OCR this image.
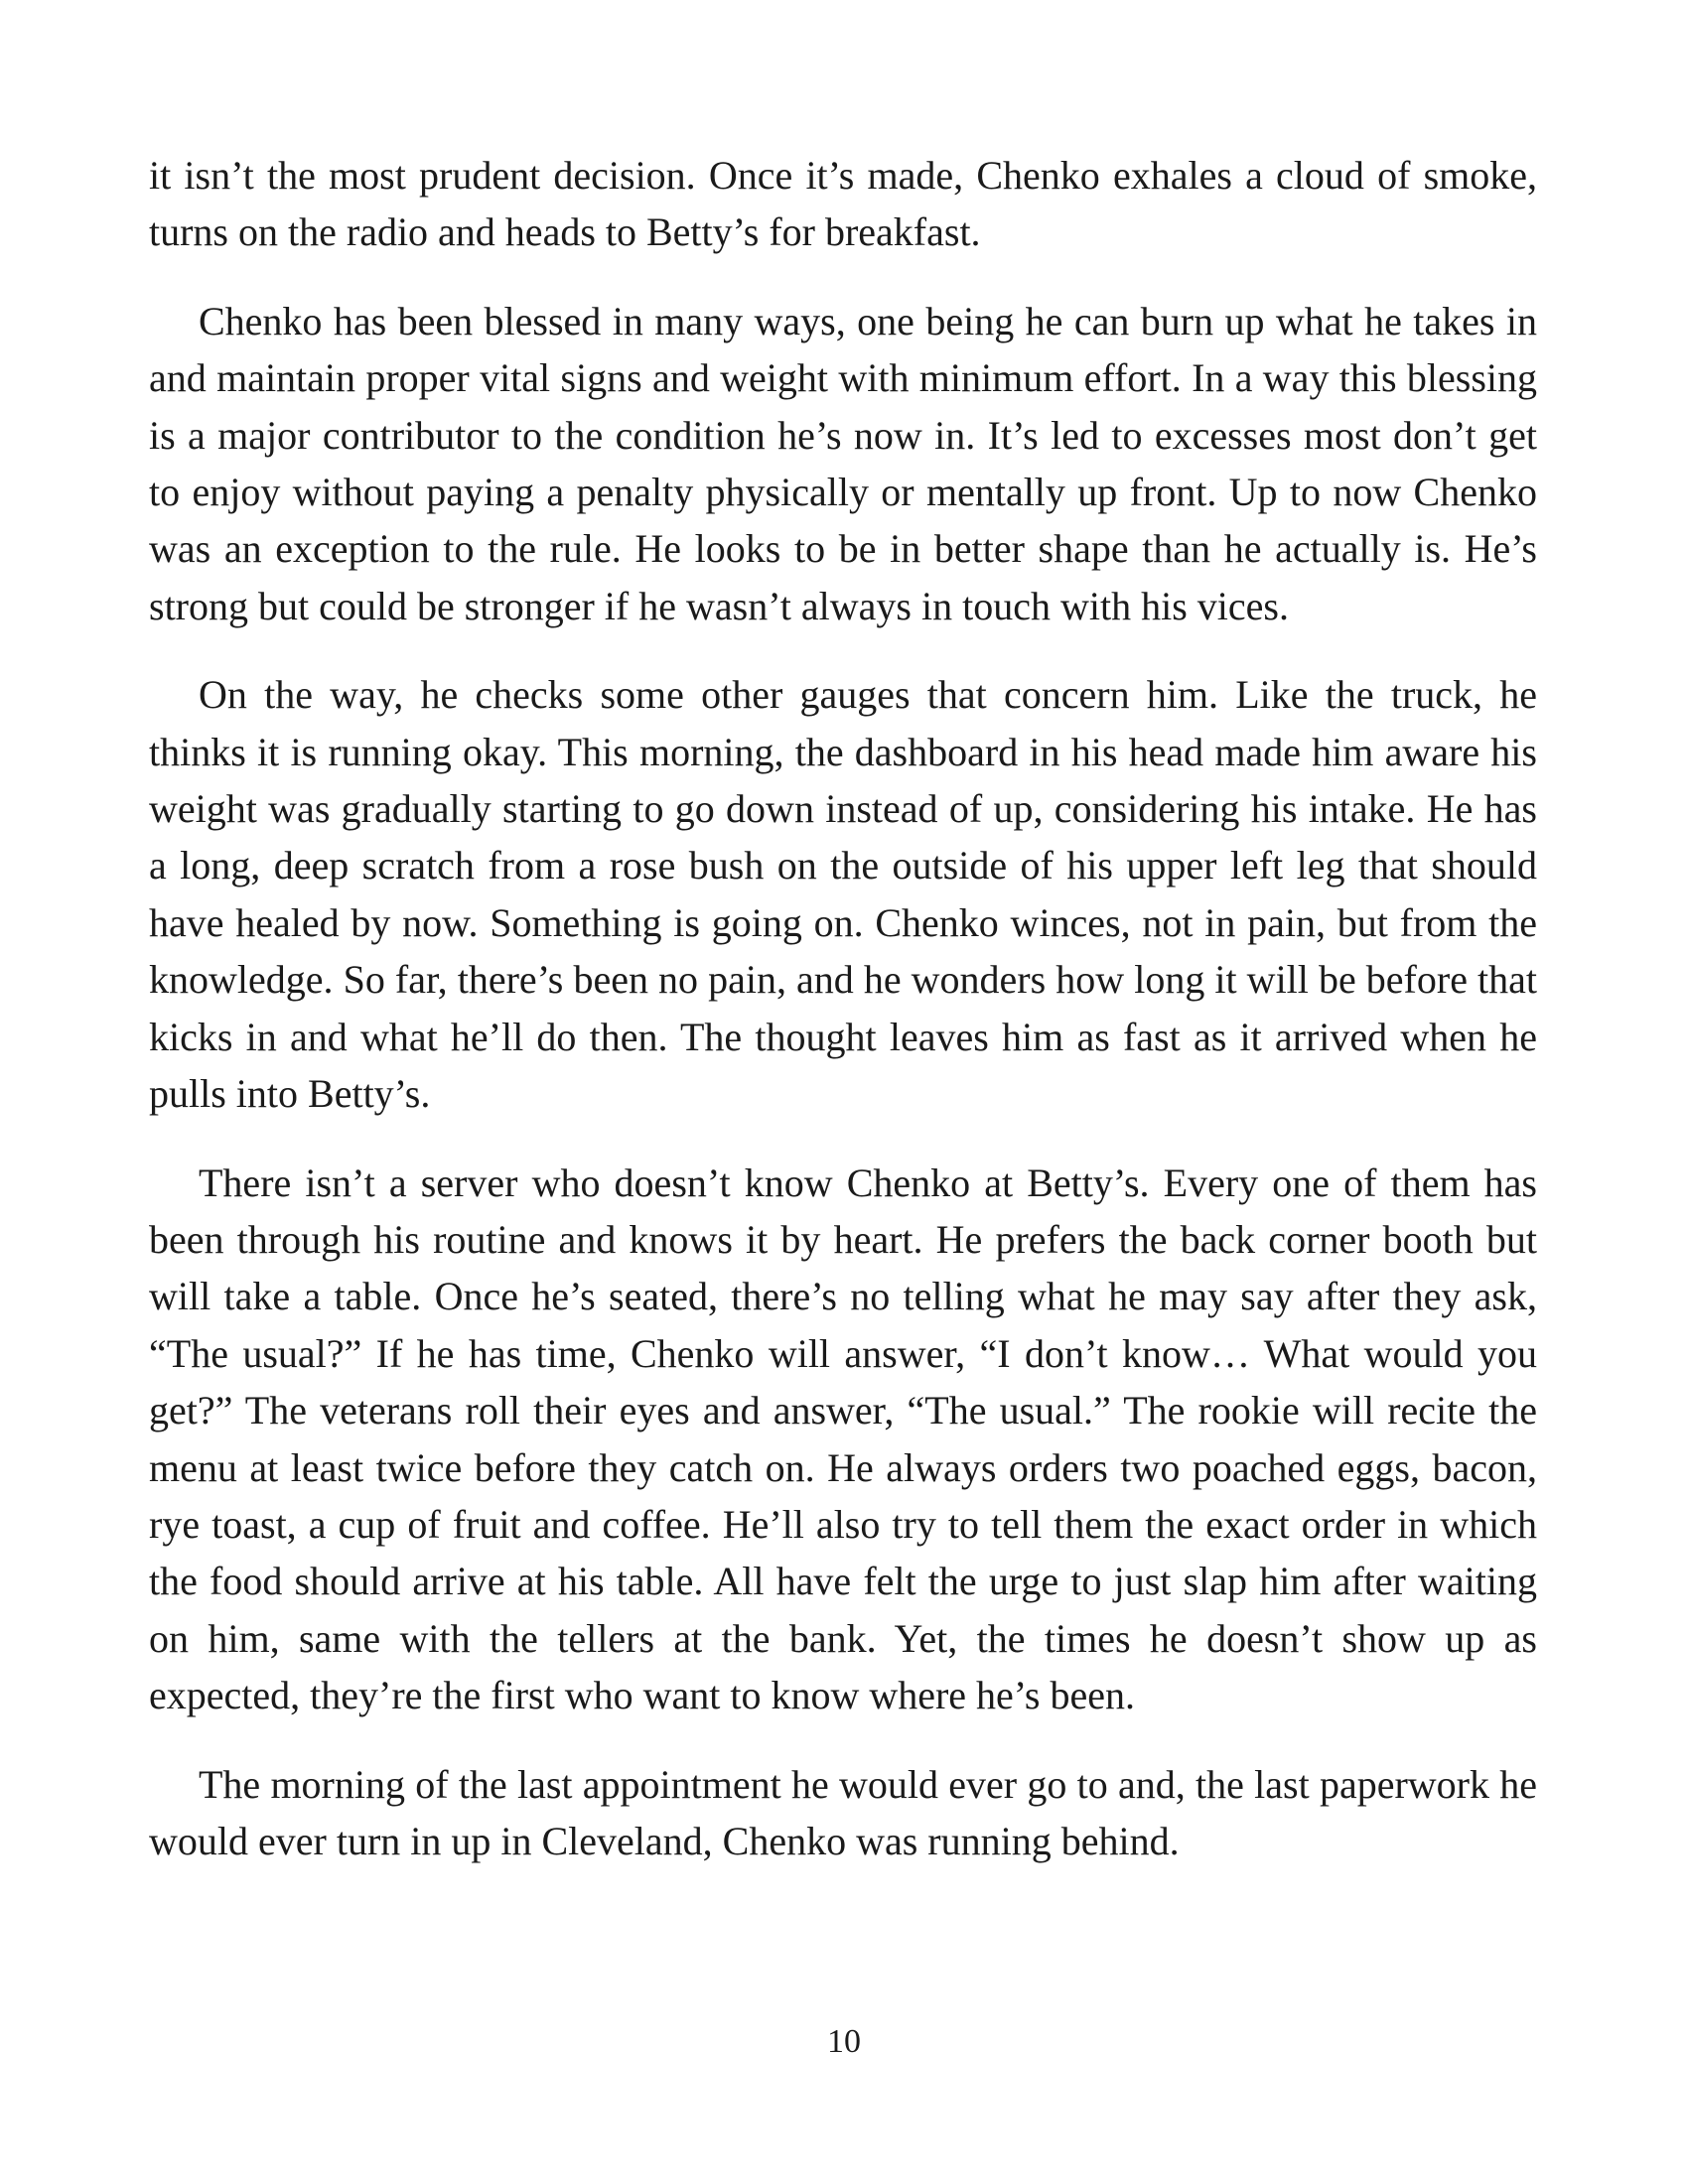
it isn’t the most prudent decision. Once it’s made, Chenko exhales a cloud of smoke, turns on the radio and heads to Betty’s for breakfast.

Chenko has been blessed in many ways, one being he can burn up what he takes in and maintain proper vital signs and weight with minimum effort. In a way this blessing is a major contributor to the condition he’s now in. It’s led to excesses most don’t get to enjoy without paying a penalty physically or mentally up front. Up to now Chenko was an exception to the rule. He looks to be in better shape than he actually is. He’s strong but could be stronger if he wasn’t always in touch with his vices.

On the way, he checks some other gauges that concern him. Like the truck, he thinks it is running okay. This morning, the dashboard in his head made him aware his weight was gradually starting to go down instead of up, considering his intake. He has a long, deep scratch from a rose bush on the outside of his upper left leg that should have healed by now. Something is going on. Chenko winces, not in pain, but from the knowledge. So far, there’s been no pain, and he wonders how long it will be before that kicks in and what he’ll do then. The thought leaves him as fast as it arrived when he pulls into Betty’s.

There isn’t a server who doesn’t know Chenko at Betty’s. Every one of them has been through his routine and knows it by heart. He prefers the back corner booth but will take a table. Once he’s seated, there’s no telling what he may say after they ask, “The usual?” If he has time, Chenko will answer, “I don’t know… What would you get?” The veterans roll their eyes and answer, “The usual.” The rookie will recite the menu at least twice before they catch on. He always orders two poached eggs, bacon, rye toast, a cup of fruit and coffee. He’ll also try to tell them the exact order in which the food should arrive at his table. All have felt the urge to just slap him after waiting on him, same with the tellers at the bank. Yet, the times he doesn’t show up as expected, they’re the first who want to know where he’s been.

The morning of the last appointment he would ever go to and, the last paperwork he would ever turn in up in Cleveland, Chenko was running behind.

10
